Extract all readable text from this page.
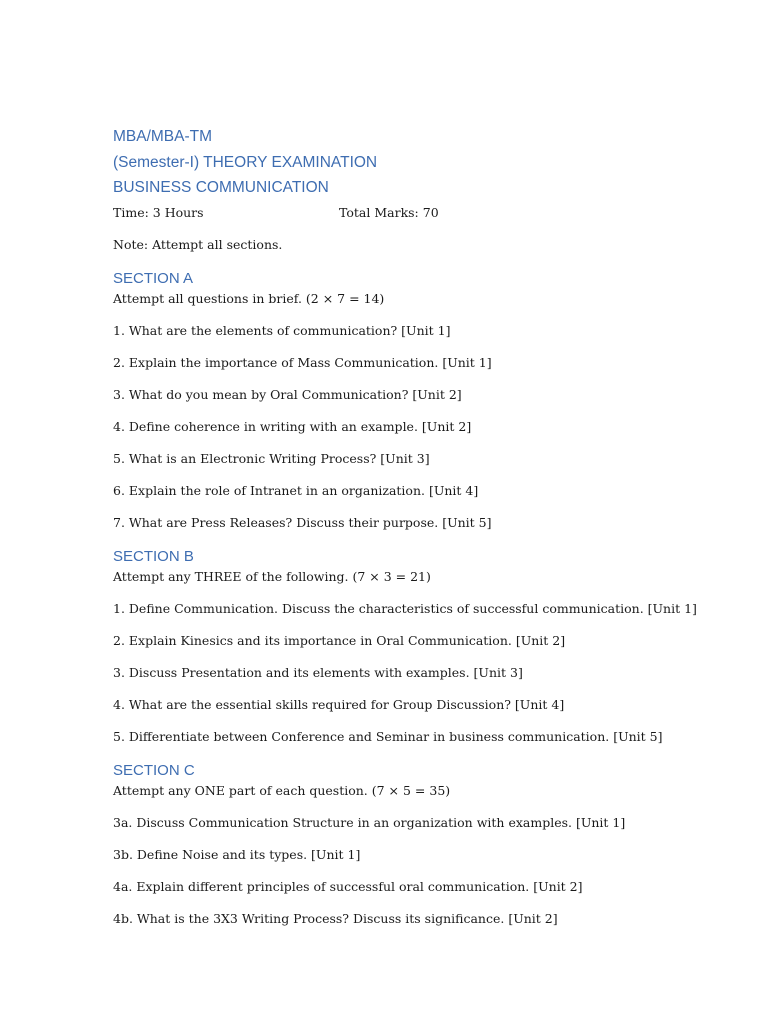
MBA/MBA-TM

(Semester-I) THEORY EXAMINATION

BUSINESS COMMUNICATION

Time: 3 Hours	Total Marks: 70

Note: Attempt all sections.

SECTION A

Attempt all questions in brief. (2 × 7 = 14)

1. What are the elements of communication? [Unit 1]

2. Explain the importance of Mass Communication. [Unit 1]

3. What do you mean by Oral Communication? [Unit 2]

4. Define coherence in writing with an example. [Unit 2]

5. What is an Electronic Writing Process? [Unit 3]

6. Explain the role of Intranet in an organization. [Unit 4]

7. What are Press Releases? Discuss their purpose. [Unit 5]

SECTION B

Attempt any THREE of the following. (7 × 3 = 21)

1. Define Communication. Discuss the characteristics of successful communication. [Unit 1]

2. Explain Kinesics and its importance in Oral Communication. [Unit 2]

3. Discuss Presentation and its elements with examples. [Unit 3]

4. What are the essential skills required for Group Discussion? [Unit 4]

5. Differentiate between Conference and Seminar in business communication. [Unit 5]

SECTION C

Attempt any ONE part of each question. (7 × 5 = 35)

3a. Discuss Communication Structure in an organization with examples. [Unit 1]

3b. Define Noise and its types. [Unit 1]

4a. Explain different principles of successful oral communication. [Unit 2]

4b. What is the 3X3 Writing Process? Discuss its significance. [Unit 2]
